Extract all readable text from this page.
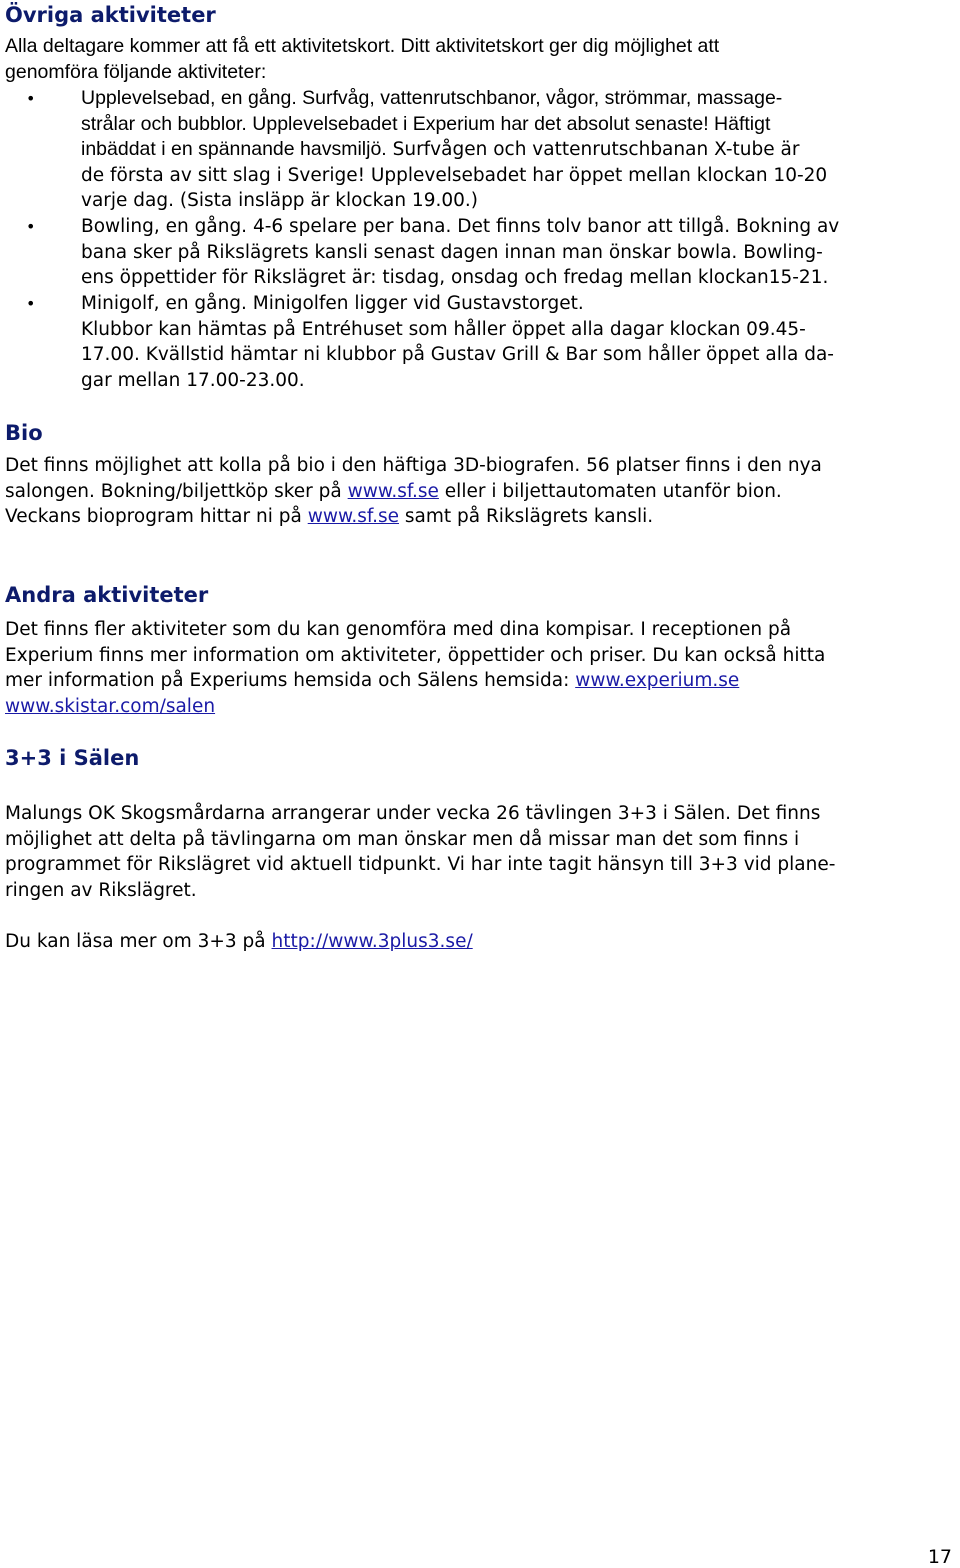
Övriga aktiviteter
Alla deltagare kommer att få ett aktivitetskort. Ditt aktivitetskort ger dig möjlighet att
genomföra följande aktiviteter:
• Upplevelsebad, en gång. Surfvåg, vattenrutschbanor, vågor, strömmar, massage-
strålar och bubblor. Upplevelsebadet i Experium har det absolut senaste! Häftigt
inbäddat i en spännande havsmiljö. Surfvågen och vattenrutschbanan X-tube är
de första av sitt slag i Sverige! Upplevelsebadet har öppet mellan klockan 10-20
varje dag. (Sista insläpp är klockan 19.00.)
• Bowling, en gång. 4-6 spelare per bana. Det finns tolv banor att tillgå. Bokning av
bana sker på Rikslägrets kansli senast dagen innan man önskar bowla. Bowling-
ens öppettider för Rikslägret är: tisdag, onsdag och fredag mellan klockan15-21.
• Minigolf, en gång. Minigolfen ligger vid Gustavstorget.
Klubbor kan hämtas på Entréhuset som håller öppet alla dagar klockan 09.45-
17.00. Kvällstid hämtar ni klubbor på Gustav Grill & Bar som håller öppet alla da-
gar mellan 17.00-23.00.
Bio
Det finns möjlighet att kolla på bio i den häftiga 3D-biografen. 56 platser finns i den nya
salongen. Bokning/biljettköp sker på www.sf.se eller i biljettautomaten utanför bion.
Veckans bioprogram hittar ni på www.sf.se samt på Rikslägrets kansli.
Andra aktiviteter
Det finns fler aktiviteter som du kan genomföra med dina kompisar. I receptionen på
Experium finns mer information om aktiviteter, öppettider och priser. Du kan också hitta
mer information på Experiums hemsida och Sälens hemsida: www.experium.se
www.skistar.com/salen
3+3 i Sälen
Malungs OK Skogsmårdarna arrangerar under vecka 26 tävlingen 3+3 i Sälen. Det finns
möjlighet att delta på tävlingarna om man önskar men då missar man det som finns i
programmet för Rikslägret vid aktuell tidpunkt. Vi har inte tagit hänsyn till 3+3 vid plane-
ringen av Rikslägret.
Du kan läsa mer om 3+3 på http://www.3plus3.se/
17
